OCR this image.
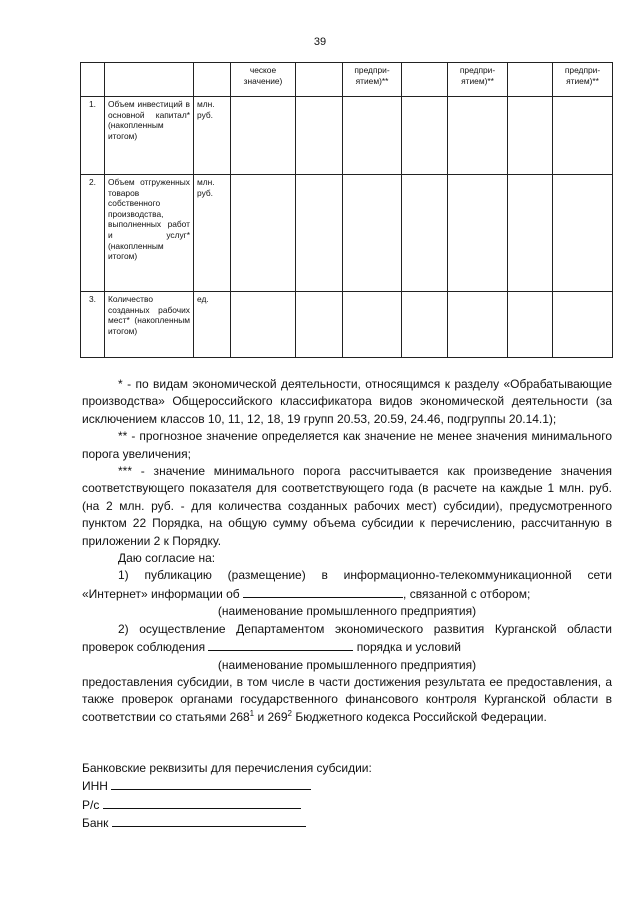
39
			ческое значение)		предпри-ятием)**		предпри-ятием)**		предпри-ятием)**
1.	Объем инвестиций в основной капитал* (накопленным итогом)	млн. руб.							
2.	Объем отгруженных товаров собственного производства, выполненных работ и услуг* (накопленным итогом)	млн. руб.							
3.	Количество созданных рабочих мест* (накопленным итогом)	ед.							

* - по видам экономической деятельности, относящимся к разделу «Обрабатывающие производства» Общероссийского классификатора видов экономической деятельности (за исключением классов 10, 11, 12, 18, 19 групп 20.53, 20.59, 24.46, подгруппы 20.14.1);

** - прогнозное значение определяется как значение не менее значения минимального порога увеличения;

*** - значение минимального порога рассчитывается как произведение значения соответствующего показателя для соответствующего года (в расчете на каждые 1 млн. руб. (на 2 млн. руб. - для количества созданных рабочих мест) субсидии), предусмотренного пунктом 22 Порядка, на общую сумму объема субсидии к перечислению, рассчитанную в приложении 2 к Порядку.

Даю согласие на:

1) публикацию (размещение) в информационно-телекоммуникационной сети «Интернет» информации об	, связанной с отбором;

(наименование промышленного предприятия)

2) осуществление Департаментом экономического развития Курганской области проверок соблюдения	порядка и условий

(наименование промышленного предприятия)

предоставления субсидии, в том числе в части достижения результата ее предоставления, а также проверок органами государственного финансового контроля Курганской области в соответствии со статьями $268^1$ и $269^2$ Бюджетного кодекса Российской Федерации.

Банковские реквизиты для перечисления субсидии:
ИНН
Р/с
Банк
